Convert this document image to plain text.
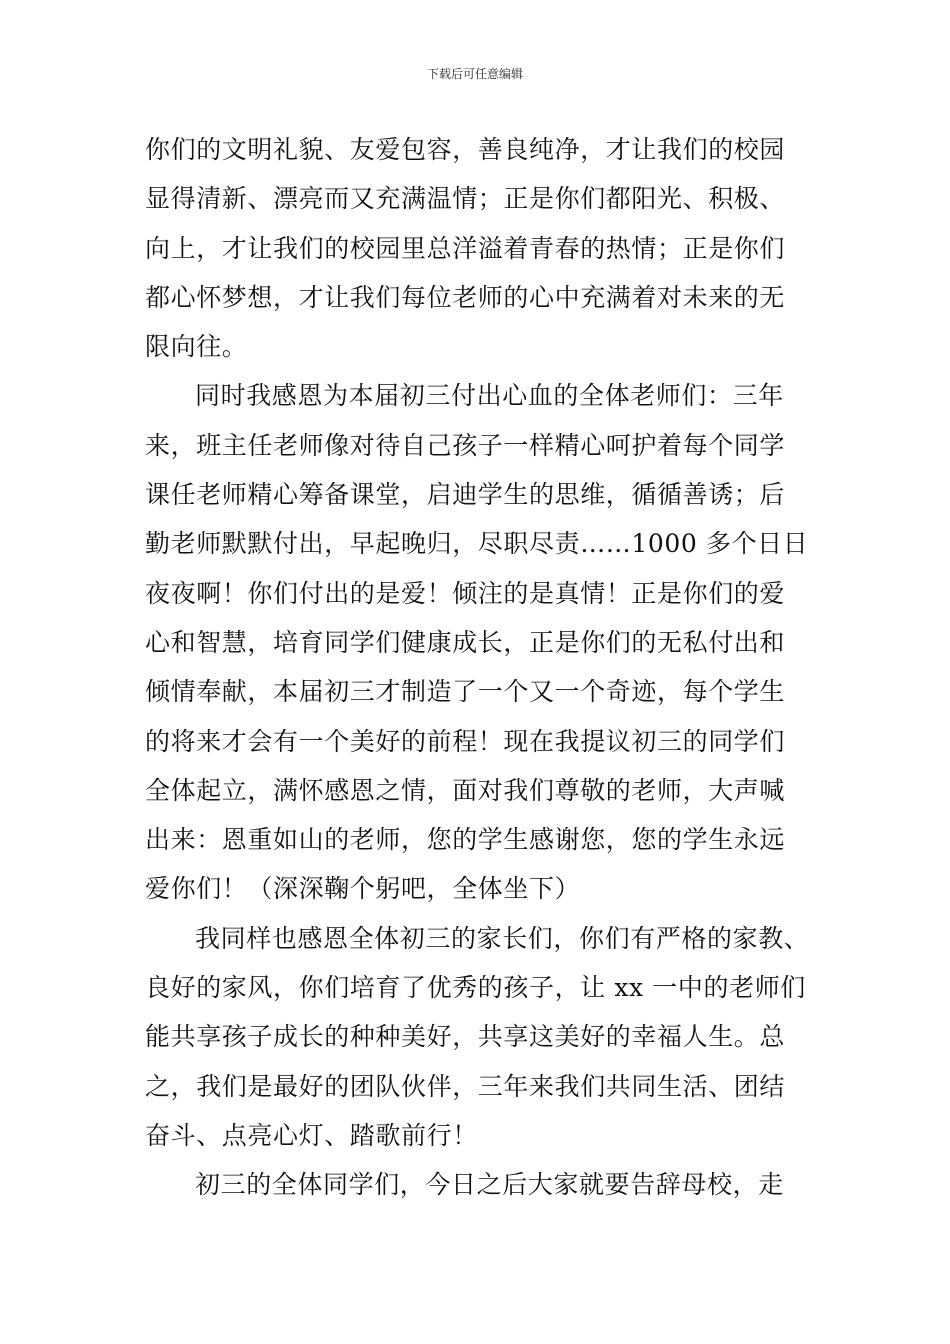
下载后可任意编辑
你们的文明礼貌、友爱包容，善良纯净，才让我们的校园
显得清新、漂亮而又充满温情；正是你们都阳光、积极、
向上，才让我们的校园里总洋溢着青春的热情；正是你们
都心怀梦想，才让我们每位老师的心中充满着对未来的无
限向往。
同时我感恩为本届初三付出心血的全体老师们：三年
来，班主任老师像对待自己孩子一样精心呵护着每个同学
课任老师精心筹备课堂，启迪学生的思维，循循善诱；后
勤老师默默付出，早起晚归，尽职尽责……1000 多个日日
夜夜啊！你们付出的是爱！倾注的是真情！正是你们的爱
心和智慧，培育同学们健康成长，正是你们的无私付出和
倾情奉献，本届初三才制造了一个又一个奇迹，每个学生
的将来才会有一个美好的前程！现在我提议初三的同学们
全体起立，满怀感恩之情，面对我们尊敬的老师，大声喊
出来：恩重如山的老师，您的学生感谢您，您的学生永远
爱你们！（深深鞠个躬吧，全体坐下）
我同样也感恩全体初三的家长们，你们有严格的家教、
良好的家风，你们培育了优秀的孩子，让 xx 一中的老师们
能共享孩子成长的种种美好，共享这美好的幸福人生。总
之，我们是最好的团队伙伴，三年来我们共同生活、团结
奋斗、点亮心灯、踏歌前行！
初三的全体同学们，今日之后大家就要告辞母校，走
